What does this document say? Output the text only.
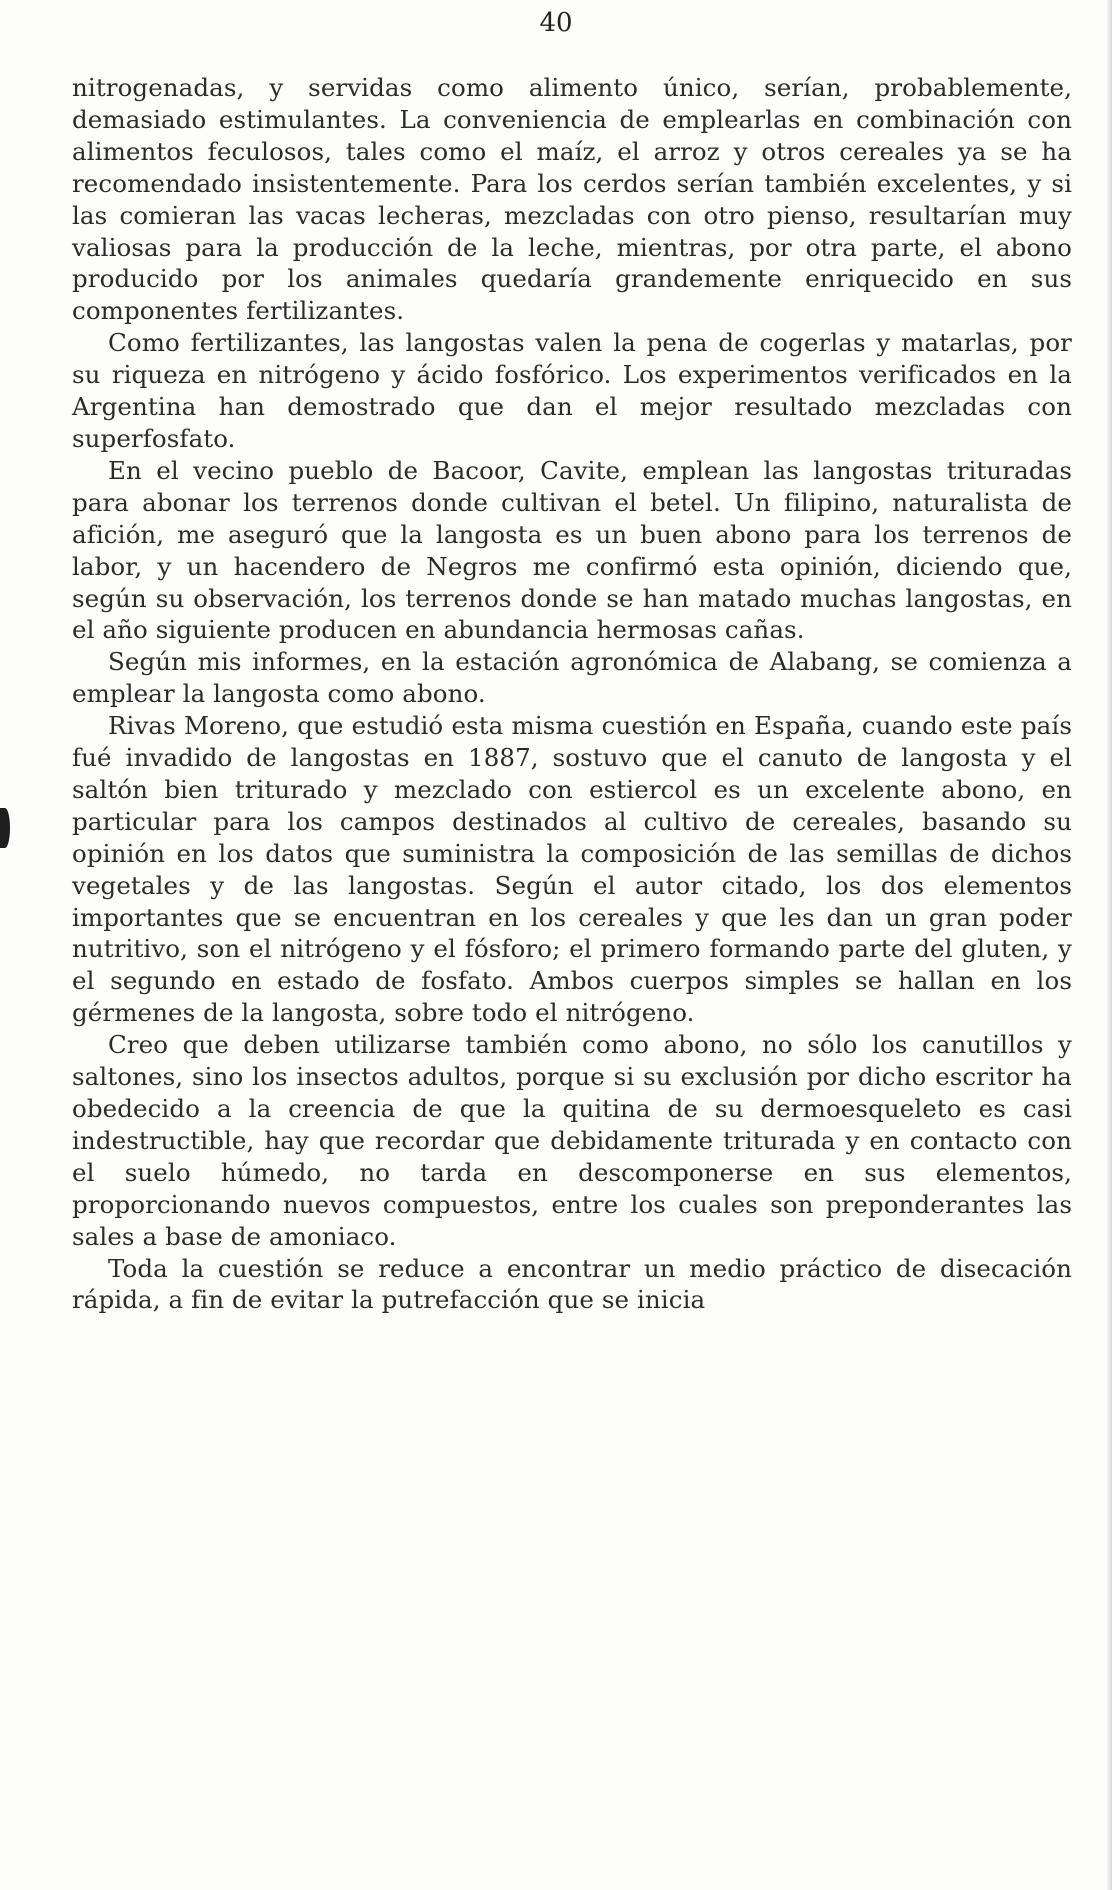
40

nitrogenadas, y servidas como alimento único, serían, probablemente, demasiado estimulantes. La conveniencia de emplearlas en combinación con alimentos feculosos, tales como el maíz, el arroz y otros cereales ya se ha recomendado insistentemente. Para los cerdos serían también excelentes, y si las comieran las vacas lecheras, mezcladas con otro pienso, resultarían muy valiosas para la producción de la leche, mientras, por otra parte, el abono producido por los animales quedaría grandemente enriquecido en sus componentes fertilizantes.

Como fertilizantes, las langostas valen la pena de cogerlas y matarlas, por su riqueza en nitrógeno y ácido fosfórico. Los experimentos verificados en la Argentina han demostrado que dan el mejor resultado mezcladas con superfosfato.

En el vecino pueblo de Bacoor, Cavite, emplean las langostas trituradas para abonar los terrenos donde cultivan el betel. Un filipino, naturalista de afición, me aseguró que la langosta es un buen abono para los terrenos de labor, y un hacendero de Negros me confirmó esta opinión, diciendo que, según su observación, los terrenos donde se han matado muchas langostas, en el año siguiente producen en abundancia hermosas cañas.

Según mis informes, en la estación agronómica de Alabang, se comienza a emplear la langosta como abono.

Rivas Moreno, que estudió esta misma cuestión en España, cuando este país fué invadido de langostas en 1887, sostuvo que el canuto de langosta y el saltón bien triturado y mezclado con estiercol es un excelente abono, en particular para los campos destinados al cultivo de cereales, basando su opinión en los datos que suministra la composición de las semillas de dichos vegetales y de las langostas. Según el autor citado, los dos elementos importantes que se encuentran en los cereales y que les dan un gran poder nutritivo, son el nitrógeno y el fósforo; el primero formando parte del gluten, y el segundo en estado de fosfato. Ambos cuerpos simples se hallan en los gérmenes de la langosta, sobre todo el nitrógeno.

Creo que deben utilizarse también como abono, no sólo los canutillos y saltones, sino los insectos adultos, porque si su exclusión por dicho escritor ha obedecido a la creencia de que la quitina de su dermoesqueleto es casi indestructible, hay que recordar que debidamente triturada y en contacto con el suelo húmedo, no tarda en descomponerse en sus elementos, proporcionando nuevos compuestos, entre los cuales son preponderantes las sales a base de amoniaco.

Toda la cuestión se reduce a encontrar un medio práctico de disecación rápida, a fin de evitar la putrefacción que se inicia
